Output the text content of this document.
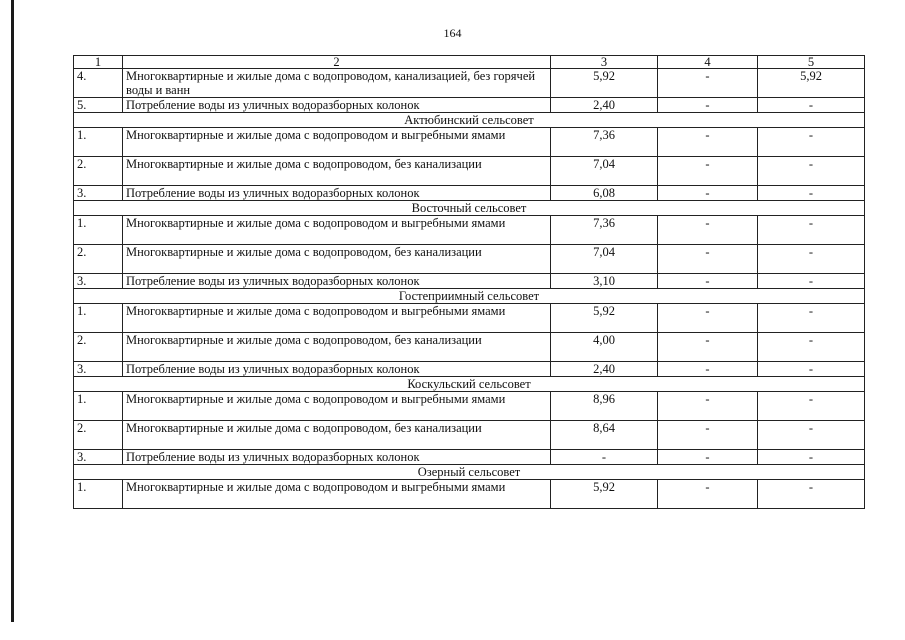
164
1	2	3	4	5
4.	Многоквартирные и жилые дома с водопроводом, канализацией, без горячей воды и ванн	5,92	-	5,92
5.	Потребление воды из уличных водоразборных колонок	2,40	-	-
Актюбинский сельсовет				
1.	Многоквартирные и жилые дома с водопроводом и выгребными ямами	7,36	-	-
2.	Многоквартирные и жилые дома с водопроводом, без канализации	7,04	-	-
3.	Потребление воды из уличных водоразборных колонок	6,08	-	-
Восточный сельсовет				
1.	Многоквартирные и жилые дома с водопроводом и выгребными ямами	7,36	-	-
2.	Многоквартирные и жилые дома с водопроводом, без канализации	7,04	-	-
3.	Потребление воды из уличных водоразборных колонок	3,10	-	-
Гостеприимный сельсовет				
1.	Многоквартирные и жилые дома с водопроводом и выгребными ямами	5,92	-	-
2.	Многоквартирные и жилые дома с водопроводом, без канализации	4,00	-	-
3.	Потребление воды из уличных водоразборных колонок	2,40	-	-
Коскульский сельсовет				
1.	Многоквартирные и жилые дома с водопроводом и выгребными ямами	8,96	-	-
2.	Многоквартирные и жилые дома с водопроводом, без канализации	8,64	-	-
3.	Потребление воды из уличных водоразборных колонок	-	-	-
Озерный сельсовет				
1.	Многоквартирные и жилые дома с водопроводом и выгребными ямами	5,92	-	-
